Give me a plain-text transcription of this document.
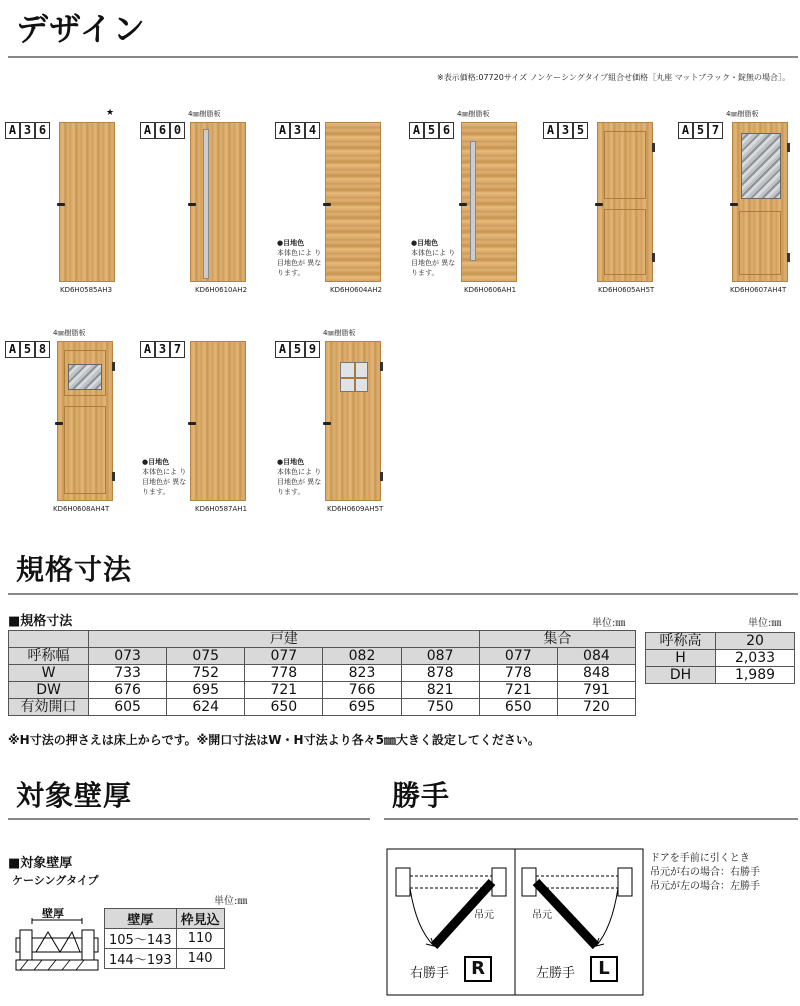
デザイン
※表示価格:07720サイズ ノンケーシングタイプ組合せ価格［丸座 マットブラック・錠無の場合］。
A 3 6
★
KD6H0585AH3
A 6 0
4㎜樹脂板
KD6H0610AH2
A 3 4
●目地色
本体色によ り目地色が 異なります。
KD6H0604AH2
A 5 6
4㎜樹脂板
●目地色
本体色によ り目地色が 異なります。
KD6H0606AH1
A 3 5
KD6H0605AH5T
A 5 7
4㎜樹脂板
KD6H0607AH4T
A 5 8
4㎜樹脂板
KD6H0608AH4T
A 3 7
●目地色
本体色によ り目地色が 異なります。
KD6H0587AH1
A 5 9
4㎜樹脂板
●目地色
本体色によ り目地色が 異なります。
KD6H0609AH5T
規格寸法
■規格寸法	単位:㎜	単位:㎜
	戸建					集合	
呼称幅	073	075	077	082	087	077	084
W	733	752	778	823	878	778	848
DW	676	695	721	766	821	721	791
有効開口	605	624	650	695	750	650	720
呼称高	20
H	2,033
DH	1,989
※H寸法の押さえは床上からです。※開口寸法はW・H寸法より各々5㎜大きく設定してください。
対象壁厚
■対象壁厚
ケーシングタイプ
単位:㎜
壁厚	壁厚	枠見込
105〜143	110
144〜193	140
勝手
ドアを手前に引くとき
吊元が右の場合：右勝手
吊元が左の場合：左勝手
吊元	吊元
右勝手	R	左勝手	L
